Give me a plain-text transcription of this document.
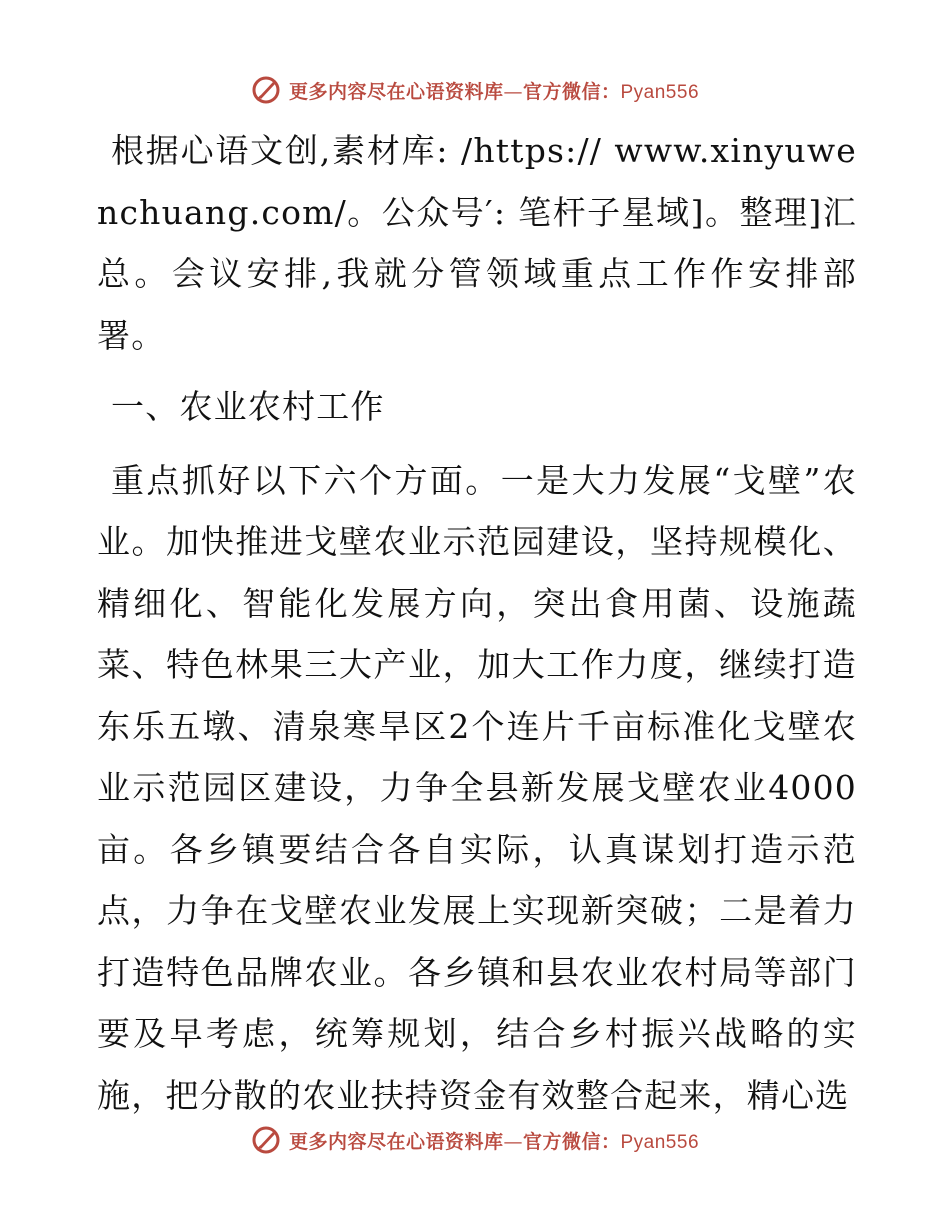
更多内容尽在心语资料库—官方微信：Pyan556

根据心语文创,素材库: /https:// www.xinyuwenchuang.com/。公众号′: 笔杆子星域]。整理]汇总。会议安排,我就分管领域重点工作作安排部署。

一、农业农村工作

重点抓好以下六个方面。一是大力发展“戈壁”农业。加快推进戈壁农业示范园建设，坚持规模化、精细化、智能化发展方向，突出食用菌、设施蔬菜、特色林果三大产业，加大工作力度，继续打造东乐五墩、清泉寒旱区2个连片千亩标准化戈壁农业示范园区建设，力争全县新发展戈壁农业4000亩。各乡镇要结合各自实际，认真谋划打造示范点，力争在戈壁农业发展上实现新突破；二是着力打造特色品牌农业。各乡镇和县农业农村局等部门要及早考虑，统筹规划，结合乡村振兴战略的实施，把分散的农业扶持资金有效整合起来，精心选

更多内容尽在心语资料库—官方微信：Pyan556
